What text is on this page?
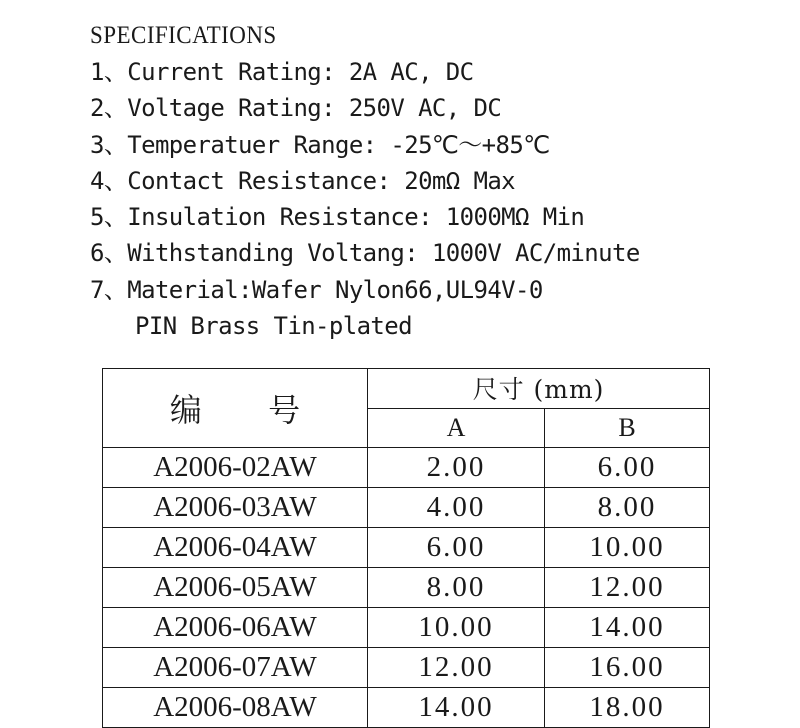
SPECIFICATIONS
1、Current Rating: 2A AC, DC
2、Voltage Rating: 250V AC, DC
3、Temperatuer Range: -25℃～+85℃
4、Contact Resistance: 20mΩ Max
5、Insulation Resistance: 1000MΩ Min
6、Withstanding Voltang: 1000V AC/minute
7、Material:Wafer Nylon66,UL94V-0
PIN Brass Tin-plated
编 号	尺寸 (mm)	
	A	B
A2006-02AW	2.00	6.00
A2006-03AW	4.00	8.00
A2006-04AW	6.00	10.00
A2006-05AW	8.00	12.00
A2006-06AW	10.00	14.00
A2006-07AW	12.00	16.00
A2006-08AW	14.00	18.00
